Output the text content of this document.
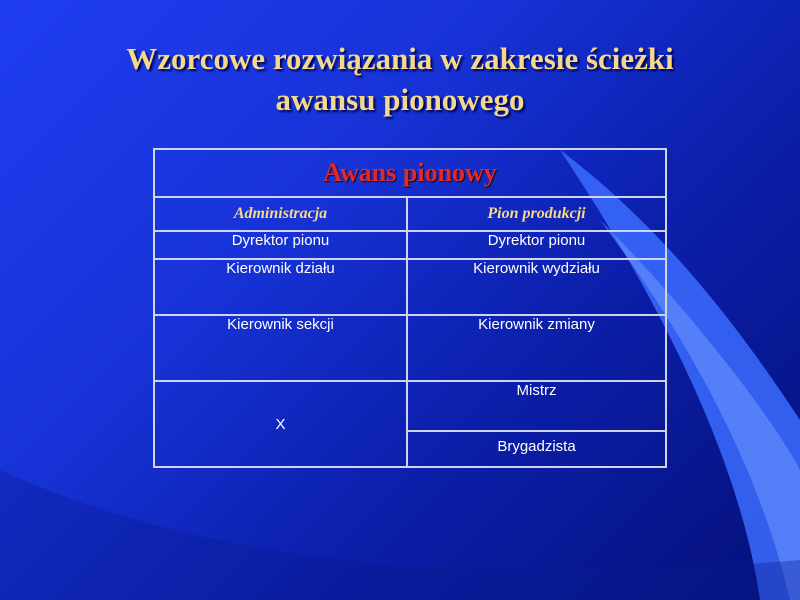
Wzorcowe rozwiązania w zakresie ścieżki
awansu pionowego
Awans pionowy	
Administracja	Pion produkcji
Dyrektor pionu	Dyrektor pionu
Kierownik działu	Kierownik wydziału
Kierownik sekcji	Kierownik zmiany
X	Mistrz
	Brygadzista
